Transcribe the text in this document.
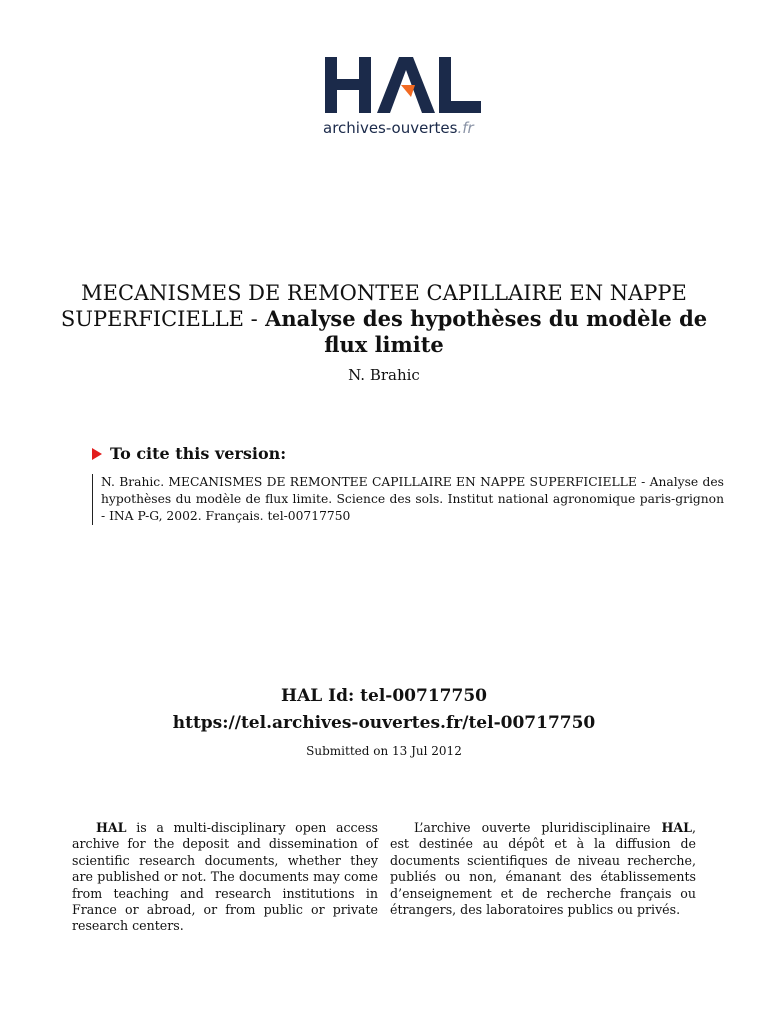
archives-ouvertes.fr
MECANISMES DE REMONTEE CAPILLAIRE EN NAPPE SUPERFICIELLE - Analyse des hypothèses du modèle de flux limite
N. Brahic
To cite this version:
N. Brahic. MECANISMES DE REMONTEE CAPILLAIRE EN NAPPE SUPERFICIELLE - Analyse des hypothèses du modèle de flux limite. Science des sols. Institut national agronomique paris-grignon - INA P-G, 2002. Français. tel-00717750
HAL Id: tel-00717750
https://tel.archives-ouvertes.fr/tel-00717750
Submitted on 13 Jul 2012

HAL is a multi-disciplinary open access archive for the deposit and dissemination of scientific research documents, whether they are published or not. The documents may come from teaching and research institutions in France or abroad, or from public or private research centers.

L’archive ouverte pluridisciplinaire HAL, est destinée au dépôt et à la diffusion de documents scientifiques de niveau recherche, publiés ou non, émanant des établissements d’enseignement et de recherche français ou étrangers, des laboratoires publics ou privés.
